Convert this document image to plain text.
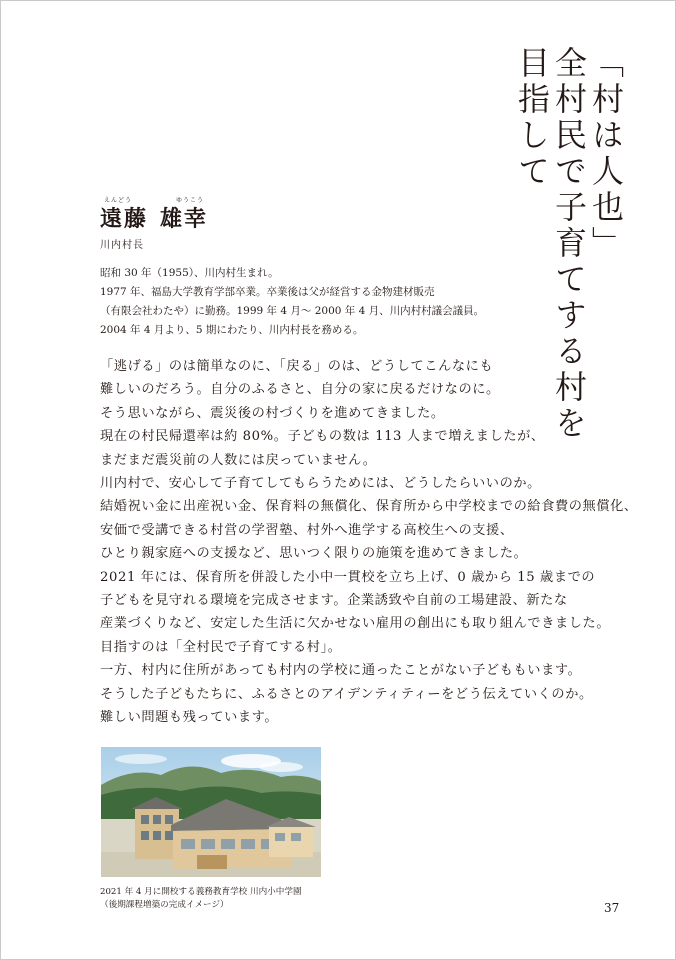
「村は人也」
全村民で子育てする村を
目指して
えんどう	ゆうこう
遠藤 雄幸
川内村長
昭和 30 年（1955）、川内村生まれ。
1977 年、福島大学教育学部卒業。卒業後は父が経営する金物建材販売
（有限会社わたや）に勤務。1999 年 4 月～ 2000 年 4 月、川内村村議会議員。
2004 年 4 月より、5 期にわたり、川内村長を務める。
「逃げる」のは簡単なのに、「戻る」のは、どうしてこんなにも
難しいのだろう。自分のふるさと、自分の家に戻るだけなのに。
そう思いながら、震災後の村づくりを進めてきました。
現在の村民帰還率は約 80%。子どもの数は 113 人まで増えましたが、
まだまだ震災前の人数には戻っていません。
川内村で、安心して子育てしてもらうためには、どうしたらいいのか。
結婚祝い金に出産祝い金、保育料の無償化、保育所から中学校までの給食費の無償化、
安価で受講できる村営の学習塾、村外へ進学する高校生への支援、
ひとり親家庭への支援など、思いつく限りの施策を進めてきました。
2021 年には、保育所を併設した小中一貫校を立ち上げ、0 歳から 15 歳までの
子どもを見守れる環境を完成させます。企業誘致や自前の工場建設、新たな
産業づくりなど、安定した生活に欠かせない雇用の創出にも取り組んできました。
目指すのは「全村民で子育てする村」。
一方、村内に住所があっても村内の学校に通ったことがない子どももいます。
そうした子どもたちに、ふるさとのアイデンティティーをどう伝えていくのか。
難しい問題も残っています。
2021 年 4 月に開校する義務教育学校 川内小中学園
（後期課程増築の完成イメージ）	37
